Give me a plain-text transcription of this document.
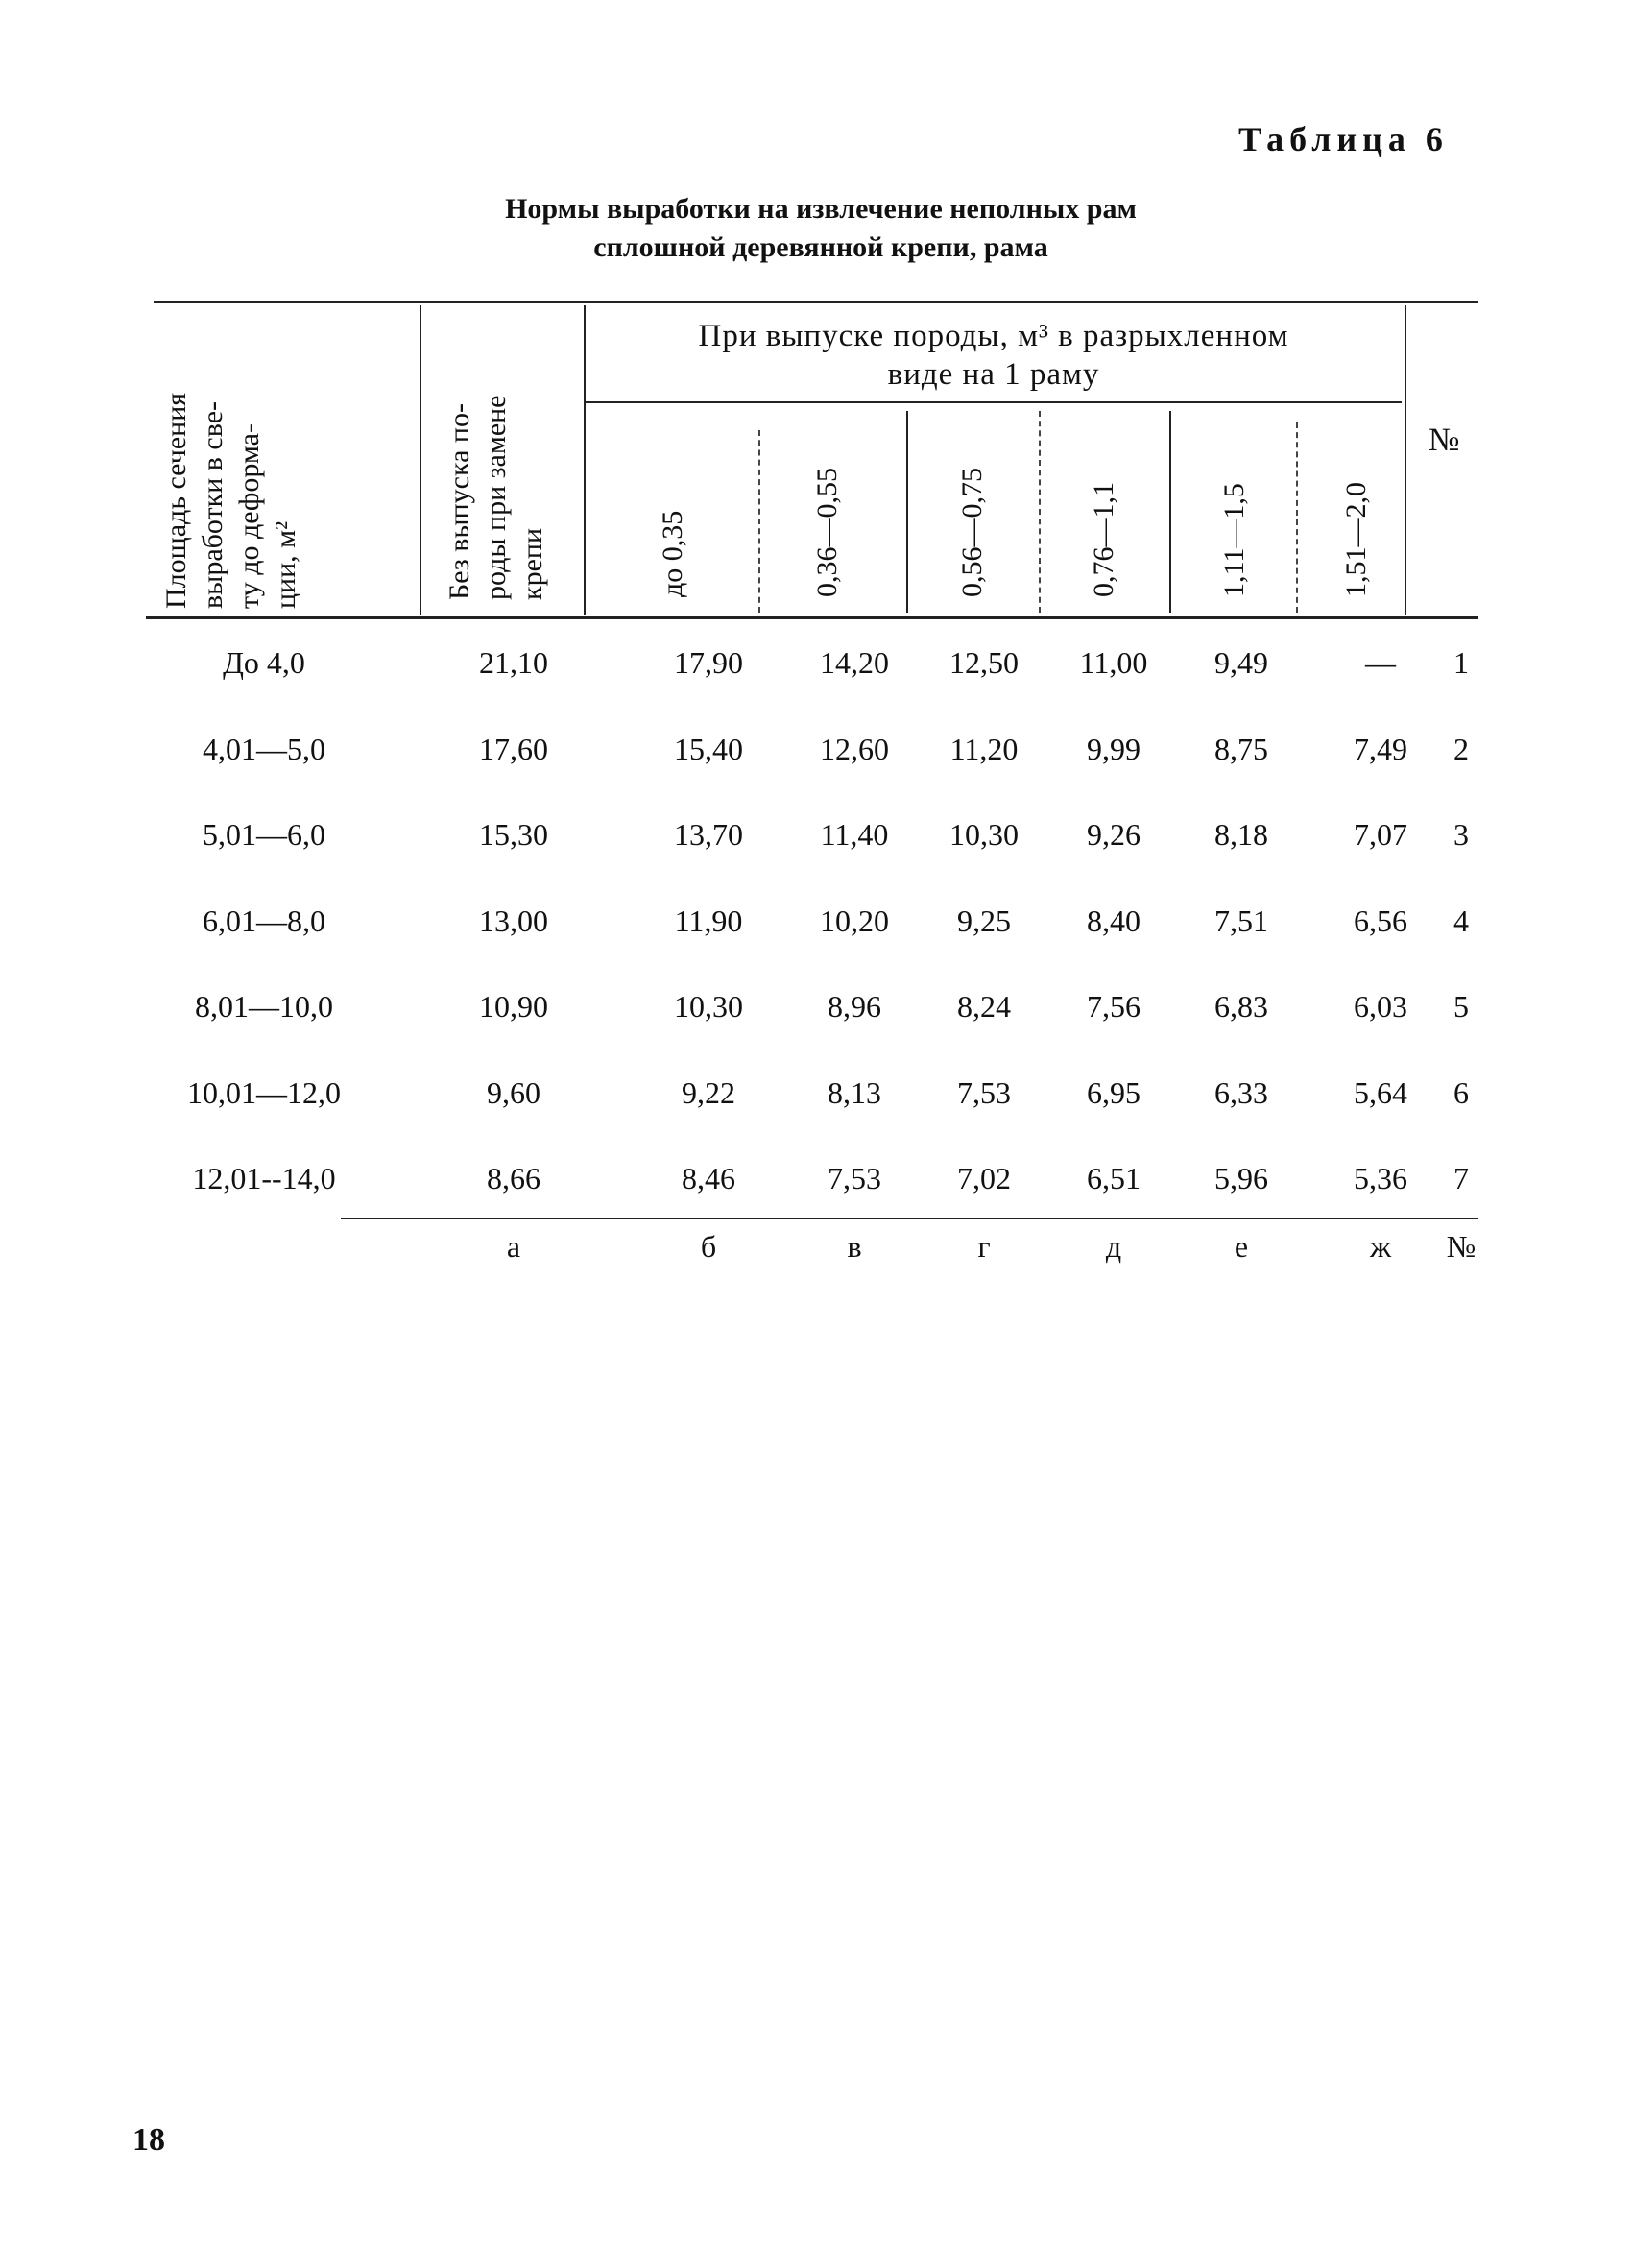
Таблица 6
Нормы выработки на извлечение неполных рам
сплошной деревянной крепи, рама
Площадь сечения выработки в све- ту до деформа- ции, м²	Без выпуска по- роды при замене крепи
При выпуске породы, м³ в разрыхленном
виде на 1 раму
до 0,35	0,36—0,55	0,56—0,75	0,76—1,1	1,11—1,5	1,51—2,0
№
До 4,0	21,10	17,90	14,20	12,50	11,00	9,49	—	1
4,01—5,0	17,60	15,40	12,60	11,20	9,99	8,75	7,49	2
5,01—6,0	15,30	13,70	11,40	10,30	9,26	8,18	7,07	3
6,01—8,0	13,00	11,90	10,20	9,25	8,40	7,51	6,56	4
8,01—10,0	10,90	10,30	8,96	8,24	7,56	6,83	6,03	5
10,01—12,0	9,60	9,22	8,13	7,53	6,95	6,33	5,64	6
12,01--14,0	8,66	8,46	7,53	7,02	6,51	5,96	5,36	7
а	б	в	г	д	е	ж	№
18
